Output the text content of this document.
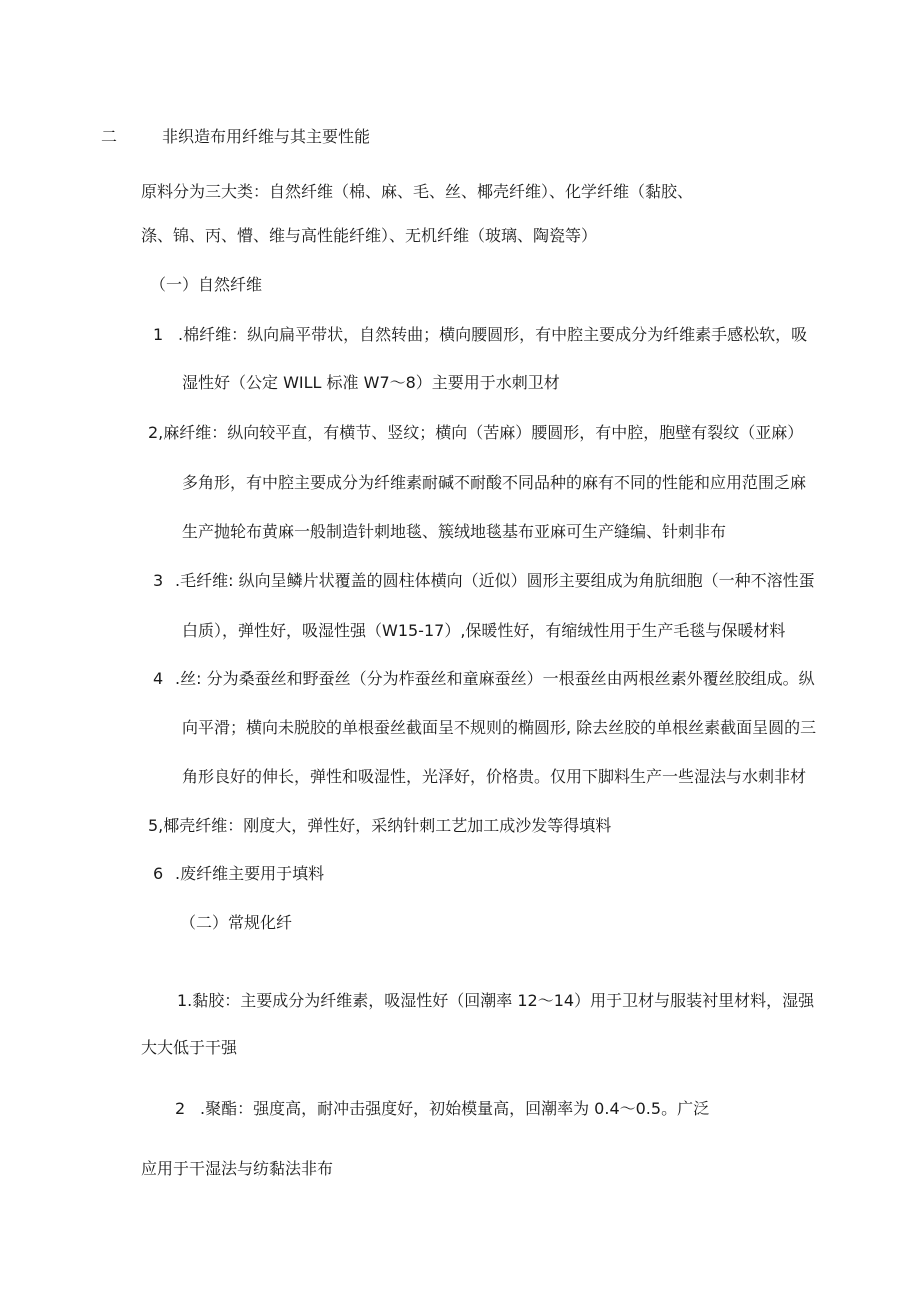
二	非织造布用纤维与其主要性能
原料分为三大类：自然纤维（棉、麻、毛、丝、椰壳纤维）、化学纤维（黏胶、
涤、锦、丙、懵、维与高性能纤维）、无机纤维（玻璃、陶瓷等）
（一）自然纤维
1 .棉纤维：纵向扁平带状，自然转曲；横向腰圆形，有中腔主要成分为纤维素手感松软，吸
湿性好（公定 WILL 标准 W7～8）主要用于水刺卫材
2,麻纤维：纵向较平直，有横节、竖纹；横向（苦麻）腰圆形，有中腔，胞壁有裂纹（亚麻）
多角形，有中腔主要成分为纤维素耐碱不耐酸不同品种的麻有不同的性能和应用范围乏麻
生产抛轮布黄麻一般制造针刺地毯、簇绒地毯基布亚麻可生产缝编、针刺非布
3 .毛纤维: 纵向呈鳞片状覆盖的圆柱体横向（近似）圆形主要组成为角肮细胞（一种不溶性蛋
白质），弹性好，吸湿性强（W15-17）,保暖性好，有缩绒性用于生产毛毯与保暖材料
4 .丝: 分为桑蚕丝和野蚕丝（分为柞蚕丝和童麻蚕丝）一根蚕丝由两根丝素外覆丝胶组成。纵
向平滑；横向未脱胶的单根蚕丝截面呈不规则的椭圆形, 除去丝胶的单根丝素截面呈圆的三
角形良好的伸长，弹性和吸湿性，光泽好，价格贵。仅用下脚料生产一些湿法与水刺非材
5,椰壳纤维：刚度大，弹性好，采纳针刺工艺加工成沙发等得填料
6 .废纤维主要用于填料
（二）常规化纤
1.黏胶：主要成分为纤维素，吸湿性好（回潮率 12～14）用于卫材与服装衬里材料，湿强
大大低于干强
2 .聚酯：强度高，耐冲击强度好，初始模量高，回潮率为 0.4～0.5。广泛
应用于干湿法与纺黏法非布
